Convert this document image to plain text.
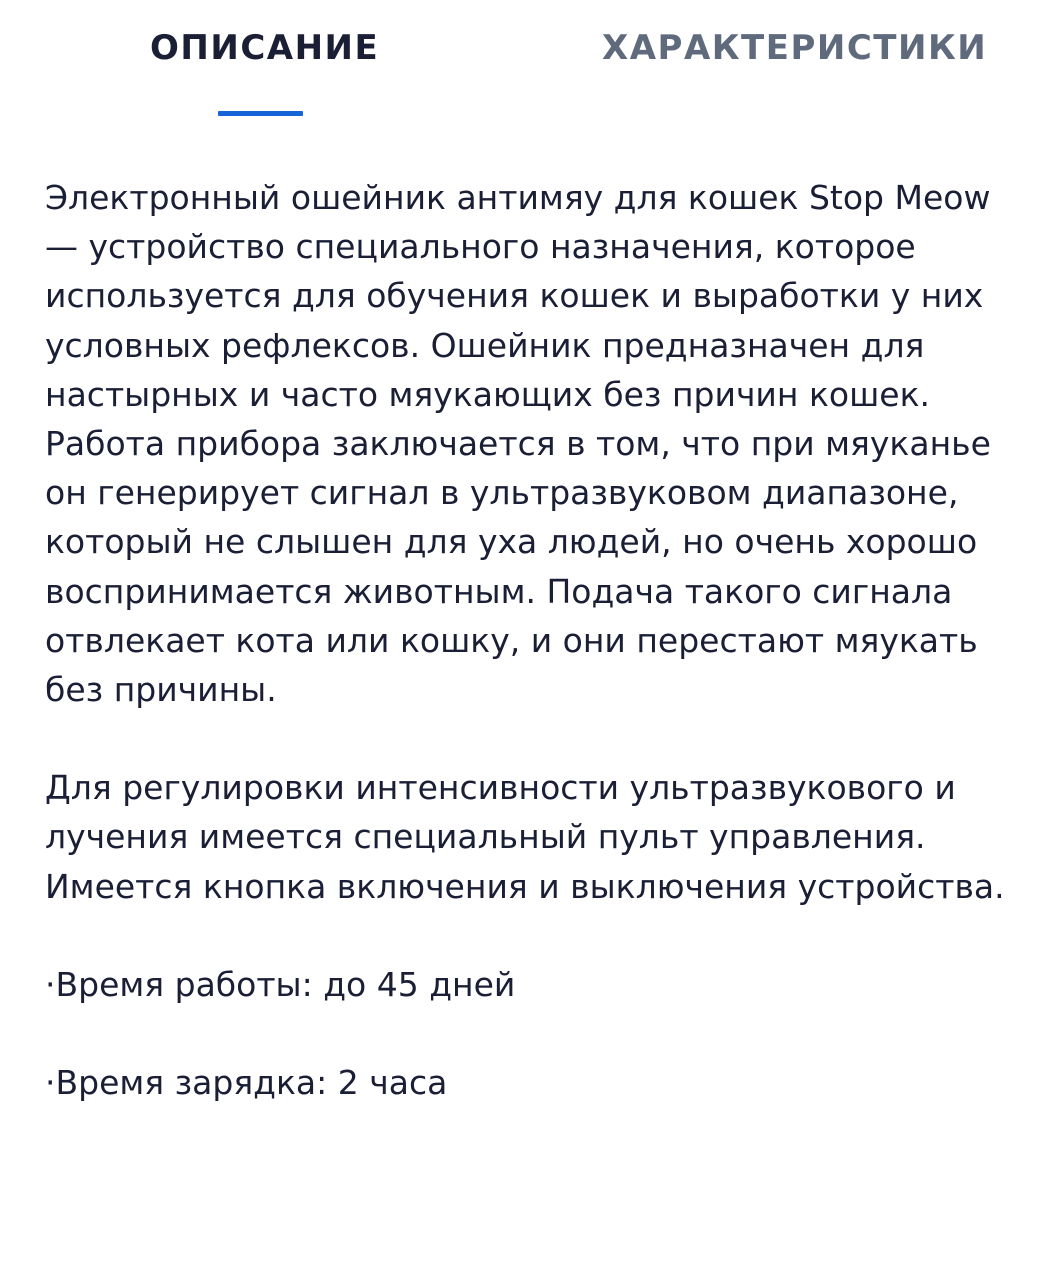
ОПИСАНИЕ	ХАРАКТЕРИСТИКИ

Электронный ошейник антимяу для кошек Stop Meow — устройство специального назначения, которое используется для обучения кошек и выработки у них условных рефлексов. Ошейник предназначен для настырных и часто мяукающих без причин кошек. Работа прибора заключается в том, что при мяуканье он генерирует сигнал в ультразвуковом диапазоне, который не слышен для уха людей, но очень хорошо воспринимается животным. Подача такого сигнала отвлекает кота или кошку, и они перестают мяукать без причины.

Для регулировки интенсивности ультразвукового и лучения имеется специальный пульт управления. Имеется кнопка включения и выключения устройства.

·Время работы: до 45 дней

·Время зарядка: 2 часа
